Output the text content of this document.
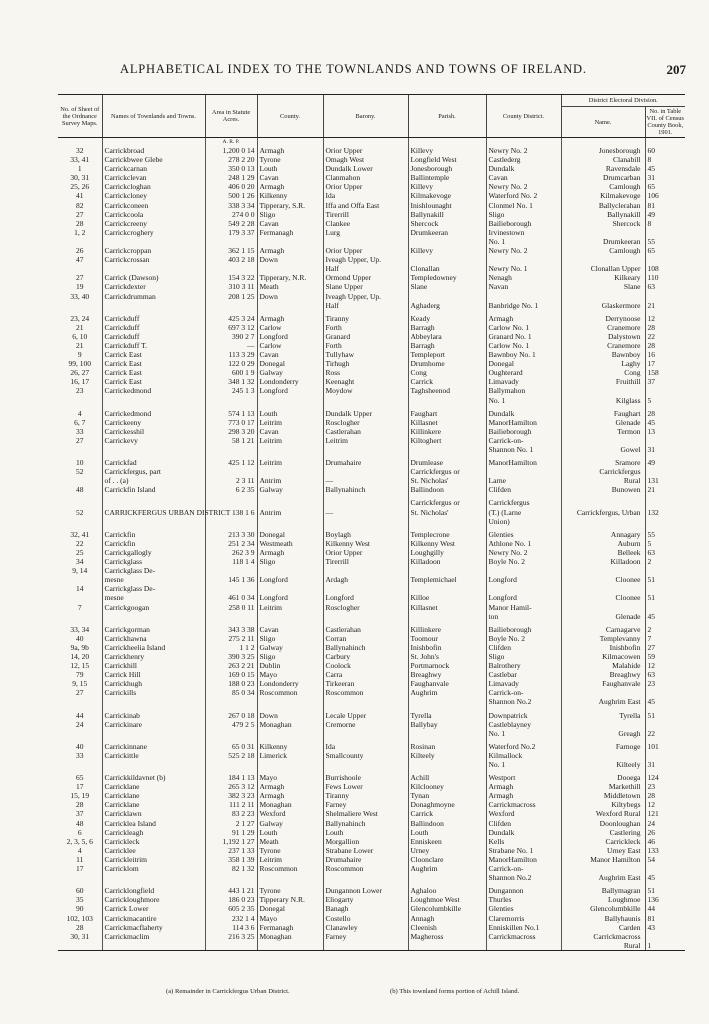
ALPHABETICAL INDEX TO THE TOWNLANDS AND TOWNS OF IRELAND.	207
No. of Sheet of the Ordnance Survey Maps.	Names of Townlands and Towns.	Area in Statute Acres.	County.	Barony.	Parish.	County District.	District Electoral Division.	
							Name.	No. in Table VII. of Census County Book, 1901.
		A. R. P.						
32	Carrickbroad	1,200 0 14	Armagh	Orior Upper	Killevy	Newry No. 2	Jonesborough	60
33, 41	Carrickbwee Glebe	278 2 20	Tyrone	Omagh West	Longfield West	Castlederg	Clanabill	8
1	Carrickcarnan	350 0 13	Louth	Dundalk Lower	Jonesborough	Dundalk	Ravensdale	45
30, 31	Carrickclevan	248 1 29	Cavan	Clanmahon	Ballintemple	Cavan	Drumcarban	31
25, 26	Carrickcloghan	406 0 20	Armagh	Orior Upper	Killevy	Newry No. 2	Camlough	65
41	Carrickcloney	500 1 26	Kilkenny	Ida	Kilmakevoge	Waterford No. 2	Kilmakevoge	106
82	Carrickconeen	338 3 34	Tipperary, S.R.	Iffa and Offa East	Inishlounaght	Clonmel No. 1	Ballyclerahan	81
27	Carrickcoola	274 0 0	Sligo	Tirerrill	Ballynakill	Sligo	Ballynakill	49
28	Carrickcreeny	549 2 28	Cavan	Clankee	Shercock	Bailieborough	Shercock	8
1, 2	Carrickcroghery	179 3 37	Fermanagh	Lurg	Drumkeeran	Irvinestown		
						No. 1	Drumkeeran	55
26	Carrickcroppan	362 1 15	Armagh	Orior Upper	Killevy	Newry No. 2	Camlough	65
47	Carrickcrossan	403 2 18	Down	Iveagh Upper, Up.				
				Half	Clonallan	Newry No. 1	Clonallan Upper	108
27	Carrick (Dawson)	154 3 22	Tipperary, N.R.	Ormond Upper	Templedowney	Nenagh	Kilkeary	110
19	Carrickdexter	310 3 11	Meath	Slane Upper	Slane	Navan	Slane	63
33, 40	Carrickdrumman	208 1 25	Down	Iveagh Upper, Up.				
				Half	Aghaderg	Banbridge No. 1	Glaskermore	21

23, 24	Carrickduff	425 3 24	Armagh	Tiranny	Keady	Armagh	Derrynoose	12
21	Carrickduff	697 3 12	Carlow	Forth	Barragh	Carlow No. 1	Cranemore	28
6, 10	Carrickduff	390 2 7	Longford	Granard	Abbeylara	Granard No. 1	Dalystown	22
21	Carrickduff T.	—	Carlow	Forth	Barragh	Carlow No. 1	Cranemore	28
9	Carrick East	113 3 29	Cavan	Tullyhaw	Templeport	Bawnboy No. 1	Bawnboy	16
99, 100	Carrick East	122 0 29	Donegal	Tirhugh	Drumhome	Donegal	Laghy	17
26, 27	Carrick East	600 1 9	Galway	Ross	Cong	Oughterard	Cong	158
16, 17	Carrick East	348 1 32	Londonderry	Keenaght	Carrick	Limavady	Fruithill	37
23	Carrickedmond	245 1 3	Longford	Moydow	Taghsheenod	Ballymahon		
						No. 1	Kilglass	5

4	Carrickedmond	574 1 13	Louth	Dundalk Upper	Faughart	Dundalk	Faughart	28
6, 7	Carrickeeny	773 0 17	Leitrim	Rosclogher	Killasnet	ManorHamilton	Glenade	45
33	Carrickesshil	298 3 20	Cavan	Castlerahan	Killinkere	Bailieborough	Termon	13
27	Carrickevy	58 1 21	Leitrim	Leitrim	Kiltoghert	Carrick-on-		
						Shannon No. 1	Gowel	31

10	Carrickfad	425 1 12	Leitrim	Drumahaire	Drumlease	ManorHamilton	Sramore	49
52	Carrickfergus, part				Carrickfergus or		Carrickfergus	
	of . . (a)	2 3 11	Antrim	—	St. Nicholas'	Larne	Rural	131
48	Carrickfin Island	6 2 35	Galway	Ballynahinch	Ballindoon	Clifden	Bunowen	21

					Carrickfergus or	Carrickfergus		
52	CARRICKFERGUS URBAN DISTRICT	138 1 6	Antrim	—	St. Nicholas'	(T.) (Larne	Carrickfergus, Urban	132
						Union)		

32, 41	Carrickfin	213 3 30	Donegal	Boylagh	Templecrone	Glenties	Annagary	55
22	Carrickfin	251 2 34	Westmeath	Kilkenny West	Kilkenny West	Athlone No. 1	Auburn	5
25	Carrickgallogly	262 3 9	Armagh	Orior Upper	Loughgilly	Newry No. 2	Belleek	63
34	Carrickglass	118 1 4	Sligo	Tirerrill	Killadoon	Boyle No. 2	Killadoon	2
9, 14	Carrickglass De-							
	mesne	145 1 36	Longford	Ardagh	Templemichael	Longford	Cloonee	51
14	Carrickglass De-							
	mesne	461 0 34	Longford	Longford	Killoe	Longford	Cloonee	51
7	Carrickgoogan	258 0 11	Leitrim	Rosclogher	Killasnet	Manor Hamil-		
						ton	Glenade	45

33, 34	Carrickgorman	343 3 38	Cavan	Castlerahan	Killinkere	Bailieborough	Carnagarve	2
40	Carrickhawna	275 2 11	Sligo	Corran	Toomour	Boyle No. 2	Templevanny	7
9a, 9b	Carrickheelia Island	1 1 2	Galway	Ballynahinch	Inishbofin	Clifden	Inishbofin	27
14, 20	Carrickhenry	390 3 25	Sligo	Carbury	St. John's	Sligo	Kilmacowen	59
12, 15	Carrickhill	263 2 21	Dublin	Coolock	Portmarnock	Balrothery	Malahide	12
79	Carrick Hill	169 0 15	Mayo	Carra	Breaghwy	Castlebar	Breaghwy	63
9, 15	Carrickhugh	188 0 23	Londonderry	Tirkeeran	Faughanvale	Limavady	Faughanvale	23
27	Carrickills	85 0 34	Roscommon	Roscommon	Aughrim	Carrick-on-		
						Shannon No.2	Aughrim East	45

44	Carrickinab	267 0 18	Down	Lecale Upper	Tyrella	Downpatrick	Tyrella	51
24	Carrickinare	479 2 5	Monaghan	Cremorne	Ballybay	Castleblayney		
						No. 1	Greagh	22

40	Carrickinnane	65 0 31	Kilkenny	Ida	Rosinan	Waterford No.2	Farnoge	101
33	Carrickittle	525 2 18	Limerick	Smallcounty	Kilteely	Kilmallock		
						No. 1	Kilteely	31

65	Carrickkildavnet (b)	184 1 13	Mayo	Burrishoole	Achill	Westport	Dooega	124
17	Carricklane	265 3 12	Armagh	Fews Lower	Kilclooney	Armagh	Markethill	23
15, 19	Carricklane	382 3 23	Armagh	Tiranny	Tynan	Armagh	Middletown	28
28	Carricklane	111 2 11	Monaghan	Farney	Donaghmoyne	Carrickmacross	Kiltybegs	12
37	Carricklawn	83 2 23	Wexford	Shelmaliere West	Carrick	Wexford	Wexford Rural	121
48	Carricklea Island	2 1 27	Galway	Ballynahinch	Ballindoon	Clifden	Doonloughan	24
6	Carrickleagh	91 1 29	Louth	Louth	Louth	Dundalk	Castlering	26
2, 3, 5, 6	Carrickleck	1,192 1 27	Meath	Morgallion	Enniskeen	Kells	Carrickleck	46
4	Carricklee	237 1 33	Tyrone	Strabane Lower	Urney	Strabane No. 1	Urney East	133
11	Carrickleitrim	358 1 39	Leitrim	Drumahaire	Cloonclare	ManorHamilton	Manor Hamilton	54
17	Carricklom	82 1 32	Roscommon	Roscommon	Aughrim	Carrick-on-		
						Shannon No.2	Aughrim East	45

60	Carricklongfield	443 1 21	Tyrone	Dungannon Lower	Aghaloo	Dungannon	Ballymagran	51
35	Carrickloughmore	186 0 23	Tipperary N.R.	Eliogarty	Loughmoe West	Thurles	Loughmoe	136
90	Carrick Lower	605 2 35	Donegal	Banagh	Glencolumbkille	Glenties	Glencolumbkille	44
102, 103	Carrickmacantire	232 1 4	Mayo	Costello	Annagh	Claremorris	Ballyhaunis	81
28	Carrickmacflaherty	114 3 6	Fermanagh	Clanawley	Cleenish	Enniskillen No.1	Carden	43
30, 31	Carrickmaclim	216 3 25	Monaghan	Farney	Magheross	Carrickmacross	Carrickmacross	
							Rural	1
(a) Remainder in Carrickfergus Urban District.	(b) This townland forms portion of Achill Island.
